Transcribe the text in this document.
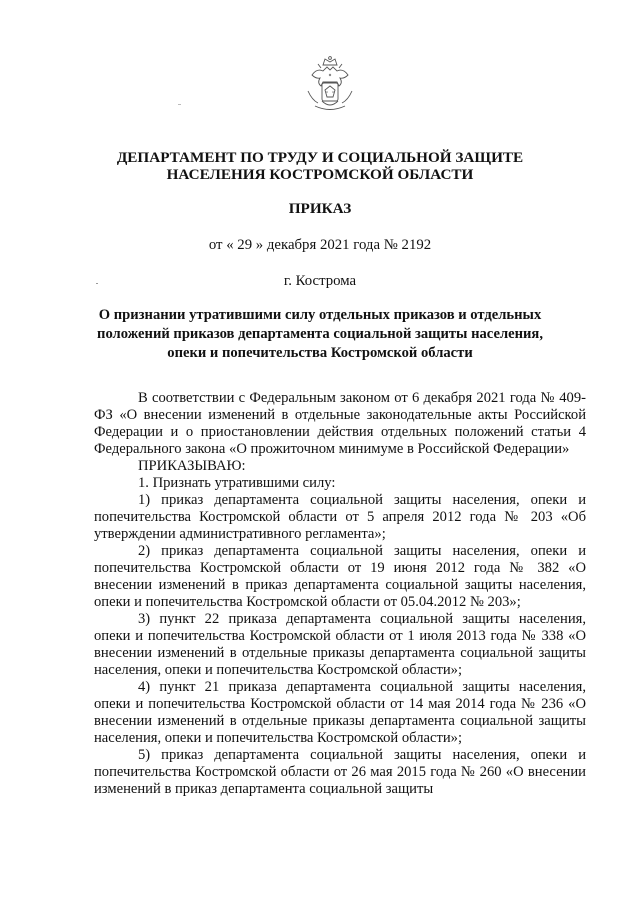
ДЕПАРТАМЕНТ ПО ТРУДУ И СОЦИАЛЬНОЙ ЗАЩИТЕ

НАСЕЛЕНИЯ КОСТРОМСКОЙ ОБЛАСТИ

ПРИКАЗ

от « 29 » декабря 2021 года № 2192

г. Кострома

О признании утратившими силу отдельных приказов и отдельных

положений приказов департамента социальной защиты населения,

опеки и попечительства Костромской области

В соответствии с Федеральным законом от 6 декабря 2021 года № 409-ФЗ «О внесении изменений в отдельные законодательные акты Российской Федерации и о приостановлении действия отдельных положений статьи 4 Федерального закона «О прожиточном минимуме в Российской Федерации»

ПРИКАЗЫВАЮ:

1. Признать утратившими силу:

1) приказ департамента социальной защиты населения, опеки и попечительства Костромской области от 5 апреля 2012 года № 203 «Об утверждении административного регламента»;

2) приказ департамента социальной защиты населения, опеки и попечительства Костромской области от 19 июня 2012 года № 382 «О внесении изменений в приказ департамента социальной защиты населения, опеки и попечительства Костромской области от 05.04.2012 № 203»;

3) пункт 22 приказа департамента социальной защиты населения, опеки и попечительства Костромской области от 1 июля 2013 года № 338 «О внесении изменений в отдельные приказы департамента социальной защиты населения, опеки и попечительства Костромской области»;

4) пункт 21 приказа департамента социальной защиты населения, опеки и попечительства Костромской области от 14 мая 2014 года № 236 «О внесении изменений в отдельные приказы департамента социальной защиты населения, опеки и попечительства Костромской области»;

5) приказ департамента социальной защиты населения, опеки и попечительства Костромской области от 26 мая 2015 года № 260 «О внесении изменений в приказ департамента социальной защиты
